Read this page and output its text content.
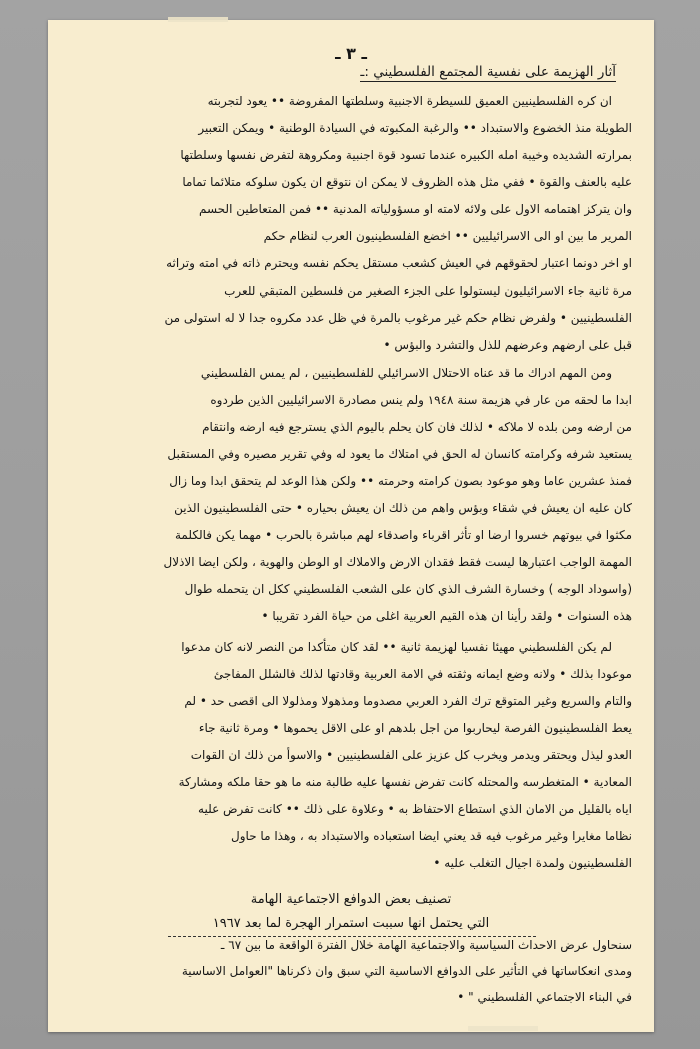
ـ ٣ ـ
آثار الهزيمة على نفسية المجتمع الفلسطيني :ـ
ان كره الفلسطينيين العميق للسيطرة الاجنبية وسلطتها المفروضة •• يعود لتجربته
الطويلة منذ الخضوع والاستبداد •• والرغبة المكبوته في السيادة الوطنية • ويمكن التعبير
بمرارته الشديده وخيبة امله الكبيره عندما تسود قوة اجنبية ومكروهة لتفرض نفسها وسلطتها
عليه بالعنف والقوة • ففي مثل هذه الظروف لا يمكن ان نتوقع ان يكون سلوكه متلائما تماما
وان يتركز اهتمامه الاول على ولائه لامته او مسؤولياته المدنية •• فمن المتعاطين الحسم
المرير ما بين او الى الاسرائيليين •• اخضع الفلسطينيون العرب لنظام حكم
او اخر دونما اعتبار لحقوقهم في العيش كشعب مستقل يحكم نفسه ويحترم ذاته في امته وتراثه
مرة ثانية جاء الاسرائيليون ليستولوا على الجزء الصغير من فلسطين المتبقي للعرب
الفلسطينيين • ولفرض نظام حكم غير مرغوب بالمرة في ظل عدد مكروه جدا لا له استولى من
قبل على ارضهم وعرضهم للذل والتشرد والبؤس •
ومن المهم ادراك ما قد عناه الاحتلال الاسرائيلي للفلسطينيين ، لم يمس الفلسطيني
ابدا ما لحقه من عار في هزيمة سنة ١٩٤٨ ولم ينس مصادرة الاسرائيليين الذين طردوه
من ارضه ومن بلده لا ملاكه • لذلك فان كان يحلم باليوم الذي يسترجع فيه ارضه وانتقام
يستعيد شرفه وكرامته كانسان له الحق في امتلاك ما يعود له وفي تقرير مصيره وفي المستقبل
فمنذ عشرين عاما وهو موعود بصون كرامته وحرمته •• ولكن هذا الوعد لم يتحقق ابدا وما زال
كان عليه ان يعيش في شقاء وبؤس واهم من ذلك ان يعيش بحياره • حتى الفلسطينيون الذين
مكثوا في بيوتهم خسروا ارضا او تأثر اقرباء واصدقاء لهم مباشرة بالحرب • مهما يكن فالكلمة
المهمة الواجب اعتبارها ليست فقط فقدان الارض والاملاك او الوطن والهوية ، ولكن ايضا الاذلال
(واسوداد الوجه ) وخسارة الشرف الذي كان على الشعب الفلسطيني ككل ان يتحمله طوال
هذه السنوات • ولقد رأينا ان هذه القيم العربية اغلى من حياة الفرد تقريبا •
لم يكن الفلسطيني مهيئا نفسيا لهزيمة ثانية •• لقد كان متأكدا من النصر لانه كان مدعوا
موعودا بذلك • ولانه وضع ايمانه وثقته في الامة العربية وقادتها لذلك فالشلل المفاجئ
والتام والسريع وغير المتوقع ترك الفرد العربي مصدوما ومذهولا ومذلولا الى اقصى حد • لم
يعط الفلسطينيون الفرصة ليحاربوا من اجل بلدهم او على الاقل يحموها • ومرة ثانية جاء
العدو ليذل ويحتقر ويدمر ويخرب كل عزيز على الفلسطينيين • والاسوأ من ذلك ان القوات
المعادية • المتغطرسه والمحتله كانت تفرض نفسها عليه طالبة منه ما هو حقا ملكه ومشاركة
اياه بالقليل من الامان الذي استطاع الاحتفاظ به • وعلاوة على ذلك •• كانت تفرض عليه
نظاما مغايرا وغير مرغوب فيه قد يعني ايضا استعباده والاستبداد به ، وهذا ما حاول
الفلسطينيون ولمدة اجيال التغلب عليه •
تصنيف بعض الدوافع الاجتماعية الهامة
التي يحتمل انها سببت استمرار الهجرة لما بعد ١٩٦٧
سنحاول عرض الاحداث السياسية والاجتماعية الهامة خلال الفترة الواقعة ما بين ٦٧ ـ
ومدى انعكاساتها في التأثير على الدوافع الاساسية التي سبق وان ذكرناها "العوامل الاساسية
في البناء الاجتماعي الفلسطيني " •
